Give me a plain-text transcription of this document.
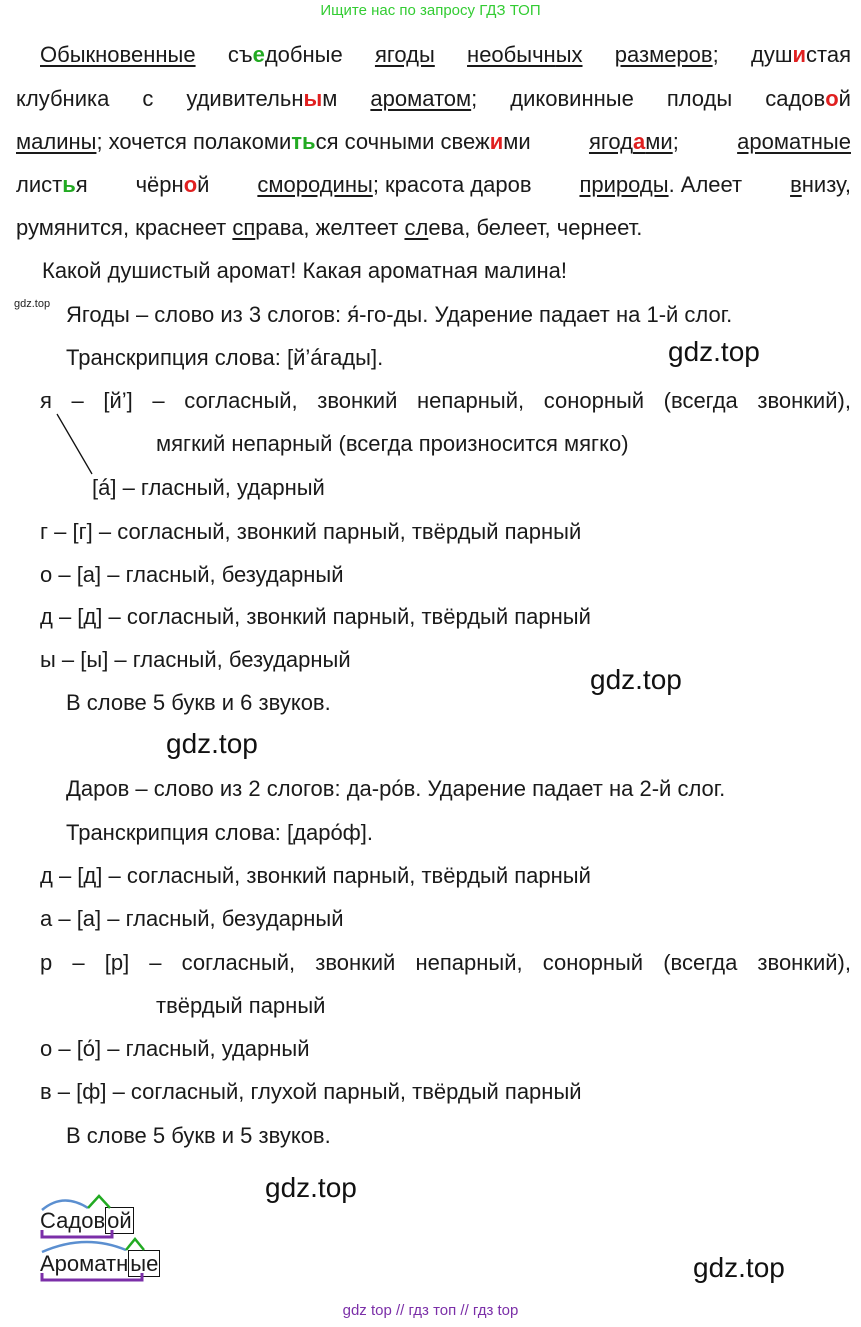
Ищите нас по запросу ГДЗ ТОП
Обыкновенные съедобные ягоды необычных размеров; душистая
клубника с удивительным ароматом; диковинные плоды садовой
малины; хочется полакомиться сочными свежими	ягодами;	ароматные
листья чёрной смородины; красота даров природы. Алеет внизу,
румянится, краснеет справа, желтеет слева, белеет, чернеет.
Какой душистый аромат! Какая ароматная малина!
gdz.top Ягоды – слово из 3 слогов: я́-го-ды. Ударение падает на 1-й слог.
Транскрипция слова: [й’áгады].	gdz.top
я – [й’] – согласный, звонкий непарный, сонорный (всегда звонкий),
мягкий непарный (всегда произносится мягко)
[á] – гласный, ударный
г – [г] – согласный, звонкий парный, твёрдый парный
о – [а] – гласный, безударный
д – [д] – согласный, звонкий парный, твёрдый парный
ы – [ы] – гласный, безударный
gdz.top
В слове 5 букв и 6 звуков.
gdz.top
Даров – слово из 2 слогов: да-ро́в. Ударение падает на 2-й слог.
Транскрипция слова: [даро́ф].
д – [д] – согласный, звонкий парный, твёрдый парный
а – [а] – гласный, безударный
р – [р] – согласный, звонкий непарный, сонорный (всегда звонкий),
твёрдый парный
о – [о́] – гласный, ударный
в – [ф] – согласный, глухой парный, твёрдый парный
В слове 5 букв и 5 звуков.
gdz.top
Садовой
Ароматные	gdz.top
gdz top // гдз топ // гдз top
